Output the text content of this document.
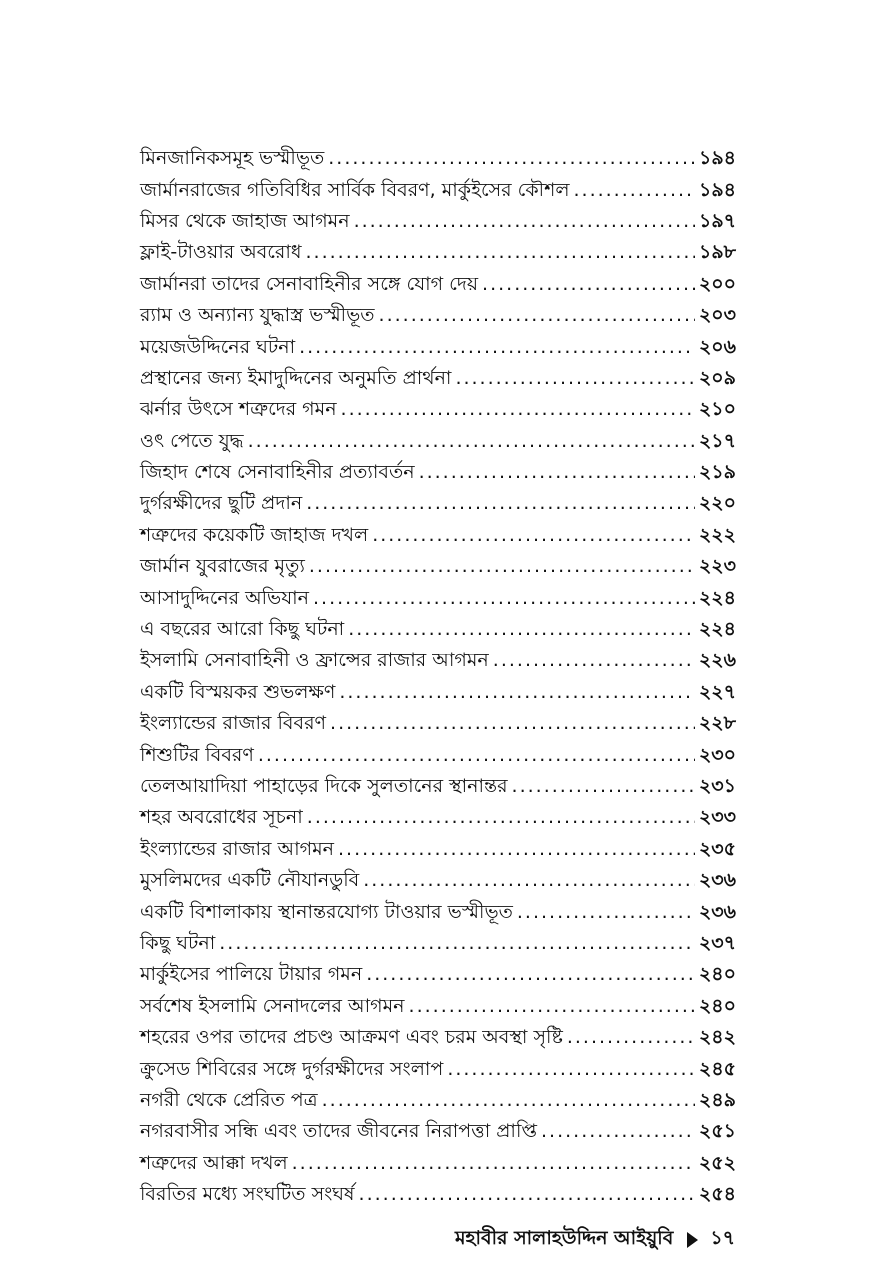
মিনজানিকসমূহ ভস্মীভূত .....	১৯৪
জার্মানরাজের গতিবিধির সার্বিক বিবরণ, মার্কুইসের কৌশল .....	১৯৪
মিসর থেকে জাহাজ আগমন .....	১৯৭
ফ্লাই-টাওয়ার অবরোধ .....	১৯৮
জার্মানরা তাদের সেনাবাহিনীর সঙ্গে যোগ দেয় .....	২০০
র‍্যাম ও অন্যান্য যুদ্ধাস্ত্র ভস্মীভূত .....	২০৩
ময়েজউদ্দিনের ঘটনা .....	২০৬
প্রস্থানের জন্য ইমাদুদ্দিনের অনুমতি প্রার্থনা .....	২০৯
ঝর্নার উৎসে শত্রুদের গমন .....	২১০
ওৎ পেতে যুদ্ধ .....	২১৭
জিহাদ শেষে সেনাবাহিনীর প্রত্যাবর্তন .....	২১৯
দুর্গরক্ষীদের ছুটি প্রদান .....	২২০
শত্রুদের কয়েকটি জাহাজ দখল .....	২২২
জার্মান যুবরাজের মৃত্যু .....	২২৩
আসাদুদ্দিনের অভিযান .....	২২৪
এ বছরের আরো কিছু ঘটনা .....	২২৪
ইসলামি সেনাবাহিনী ও ফ্রান্সের রাজার আগমন .....	২২৬
একটি বিস্ময়কর শুভলক্ষণ .....	২২৭
ইংল্যান্ডের রাজার বিবরণ .....	২২৮
শিশুটির বিবরণ .....	২৩০
তেলআয়াদিয়া পাহাড়ের দিকে সুলতানের স্থানান্তর .....	২৩১
শহর অবরোধের সূচনা .....	২৩৩
ইংল্যান্ডের রাজার আগমন .....	২৩৫
মুসলিমদের একটি নৌযানডুবি .....	২৩৬
একটি বিশালাকায় স্থানান্তরযোগ্য টাওয়ার ভস্মীভূত .....	২৩৬
কিছু ঘটনা .....	২৩৭
মার্কুইসের পালিয়ে টায়ার গমন .....	২৪০
সর্বশেষ ইসলামি সেনাদলের আগমন .....	২৪০
শহরের ওপর তাদের প্রচণ্ড আক্রমণ এবং চরম অবস্থা সৃষ্টি .....	২৪২
ক্রুসেড শিবিরের সঙ্গে দুর্গরক্ষীদের সংলাপ .....	২৪৫
নগরী থেকে প্রেরিত পত্র .....	২৪৯
নগরবাসীর সন্ধি এবং তাদের জীবনের নিরাপত্তা প্রাপ্তি .....	২৫১
শত্রুদের আক্কা দখল .....	২৫২
বিরতির মধ্যে সংঘটিত সংঘর্ষ .....	২৫৪
মহাবীর সালাহউদ্দিন আইয়ুবি ১৭
